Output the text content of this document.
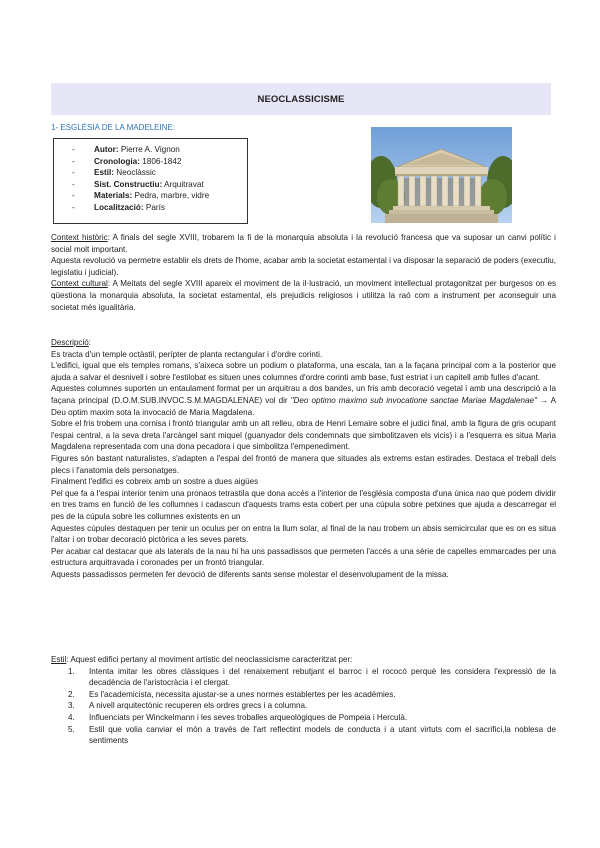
NEOCLASSICISME
1- ESGLÉSIA DE LA MADELEINE:
- Autor: Pierre A. Vignon
- Cronologia: 1806-1842
- Estil: Neoclàssic
- Sist. Constructiu: Arquitravat
- Materials: Pedra, marbre, vidre
- Localització: París

Context històric: A finals del segle XVIII, trobarem la fi de la monarquia absoluta i la revolució francesa que va suposar un canvi polític i social molt important.

Aquesta revolució va permetre establir els drets de l'home, acabar amb la societat estamental i va disposar la separació de poders (executiu, legislatiu i judicial).

Context cultural: A Meitats del segle XVIII apareix el moviment de la il·lustració, un moviment intellectual protagonitzat per burgesos on es qüestiona la monarquia absoluta, la societat estamental, els prejudicis religiosos i utilitza la raó com a instrument per aconseguir una societat més igualitària.

Descripció:

Es tracta d'un temple octàstil, perípter de planta rectangular i d'ordre corinti.

L'edifici, igual que els temples romans, s'aixeca sobre un podium o plataforma, una escala, tan a la façana principal com a la posterior que ajuda a salvar el desnivell i sobre l'estilobat es situen unes columnes d'ordre corinti amb base, fust estriat i un capitell amb fulles d'acant.

Aquestes columnes suporten un entaulament format per un arquitrau a dos bandes, un fris amb decoració vegetal i amb una descripció a la façana principal (D.O.M.SUB.INVOC.S.M.MAGDALENAE) vol dir "Deo optimo maximo sub invocatione sanctae Mariae Magdalenae" → A Deu optim maxim sota la invocació de Maria Magdalena.

Sobre el fris trobem una cornisa i frontó triangular amb un alt relleu, obra de Henri Lemaire sobre el judici final, amb la figura de gris ocupant l'espai central, a la seva dreta l'arcàngel sant miquel (guanyador dels condemnats que simbolitzaven els vicis) i a l'esquerra es situa Maria Magdalena representada com una dona pecadora i que simbolitza l'empenediment.

Figures són bastant naturalistes, s'adapten a l'espai del frontó de manera que situades als extrems estan estirades. Destaca el treball dels plecs i l'anatomia dels personatges.

Finalment l'edifici es cobreix amb un sostre a dues aigües

Pel que fa a l'espai interior tenim una pronaos tetrastila que dona accés a l'interior de l'església composta d'una única nao que podem dividir en tres trams en funció de les collumnes i cadascun d'aquests trams esta cobert per una cúpula sobre petxines que ajuda a descarregar el pes de la cúpula sobre les collumnes existents en un

Aquestes cúpules destaquen per tenir un oculus per on entra la llum solar, al final de la nau trobem un absis semicircular que es on es situa l'altar i on trobar decoració pictòrica a les seves parets.

Per acabar cal destacar que als laterals de la nau hi ha uns passadissos que permeten l'accés a una sèrie de capelles emmarcades per una estructura arquitravada i coronades per un frontó triangular.

Aquests passadissos permeten fer devoció de diferents sants sense molestar el desenvolupament de la missa.

Estil: Aquest edifici pertany al moviment artístic del neoclassicisme caracteritzat per:

1. Intenta imitar les obres clàssiques i del renaixement rebutjant el barroc i el rococó perquè les considera l'expressió de la decadència de l'aristocràcia i el clergat.
2. Es l'academicista, necessita ajustar-se a unes normes establertes per les acadèmies.
3. A nivell arquitectònic recuperen els ordres grecs i a columna.
4. Influenciats per Winckelmann i les seves troballes arqueològiques de Pompeia i Herculà.
5. Estil que volia canviar el món a través de l'art reflectint models de conducta i a utant virtuts com el sacrifici,la noblesa de sentiments
